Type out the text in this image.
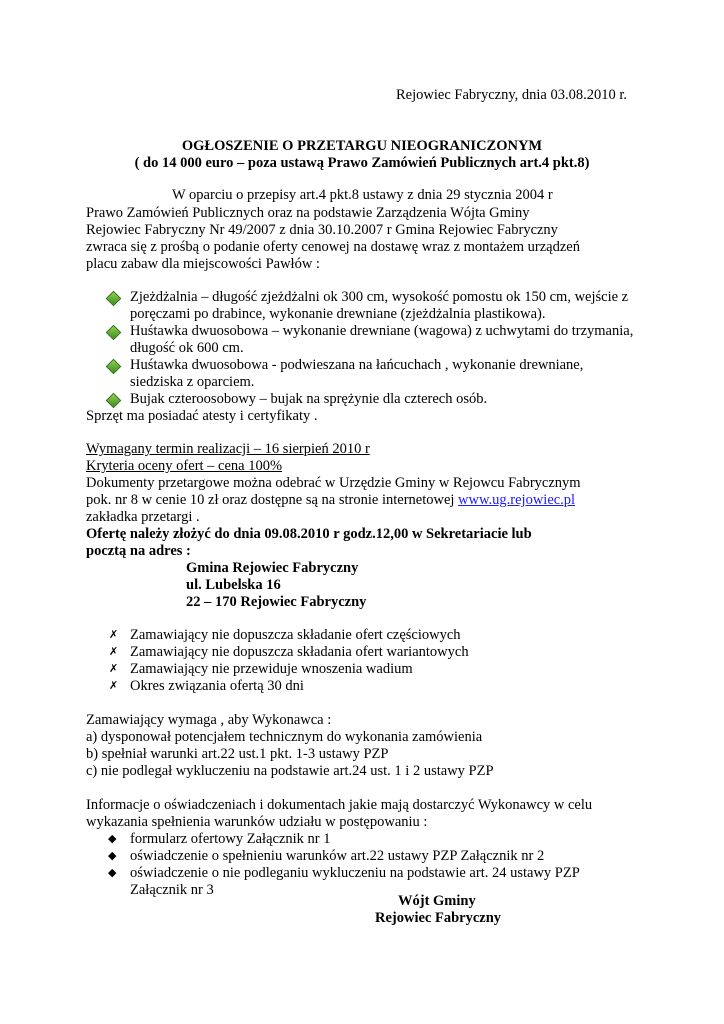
Rejowiec Fabryczny, dnia 03.08.2010 r.
OGŁOSZENIE O PRZETARGU NIEOGRANICZONYM
( do 14 000 euro – poza ustawą Prawo Zamówień Publicznych art.4 pkt.8)
W oparciu o przepisy art.4 pkt.8 ustawy z dnia 29 stycznia 2004 r
Prawo Zamówień Publicznych oraz na podstawie Zarządzenia Wójta Gminy
Rejowiec Fabryczny Nr 49/2007 z dnia 30.10.2007 r Gmina Rejowiec Fabryczny
zwraca się z prośbą o podanie oferty cenowej na dostawę wraz z montażem urządzeń
placu zabaw dla miejscowości Pawłów :
Zjeżdżalnia – długość zjeżdżalni ok 300 cm, wysokość pomostu ok 150 cm, wejście z
poręczami po drabince, wykonanie drewniane (zjeżdżalnia plastikowa).
Huśtawka dwuosobowa – wykonanie drewniane (wagowa) z uchwytami do trzymania,
długość ok 600 cm.
Huśtawka dwuosobowa - podwieszana na łańcuchach , wykonanie drewniane,
siedziska z oparciem.
Bujak czteroosobowy – bujak na sprężynie dla czterech osób.
Sprzęt ma posiadać atesty i certyfikaty .
Wymagany termin realizacji – 16 sierpień 2010 r
Kryteria oceny ofert – cena 100%
Dokumenty przetargowe można odebrać w Urzędzie Gminy w Rejowcu Fabrycznym
pok. nr 8 w cenie 10 zł oraz dostępne są na stronie internetowej www.ug.rejowiec.pl
zakładka przetargi .
Ofertę należy złożyć do dnia 09.08.2010 r godz.12,00 w Sekretariacie lub
pocztą na adres :
Gmina Rejowiec Fabryczny
ul. Lubelska 16
22 – 170 Rejowiec Fabryczny
✗ Zamawiający nie dopuszcza składanie ofert częściowych
✗ Zamawiający nie dopuszcza składania ofert wariantowych
✗ Zamawiający nie przewiduje wnoszenia wadium
✗ Okres związania ofertą 30 dni
Zamawiający wymaga , aby Wykonawca :
a) dysponował potencjałem technicznym do wykonania zamówienia
b) spełniał warunki art.22 ust.1 pkt. 1-3 ustawy PZP
c) nie podlegał wykluczeniu na podstawie art.24 ust. 1 i 2 ustawy PZP
Informacje o oświadczeniach i dokumentach jakie mają dostarczyć Wykonawcy w celu
wykazania spełnienia warunków udziału w postępowaniu :
◆ formularz ofertowy Załącznik nr 1
◆ oświadczenie o spełnieniu warunków art.22 ustawy PZP Załącznik nr 2
◆ oświadczenie o nie podleganiu wykluczeniu na podstawie art. 24 ustawy PZP
Załącznik nr 3
Wójt Gminy
Rejowiec Fabryczny
